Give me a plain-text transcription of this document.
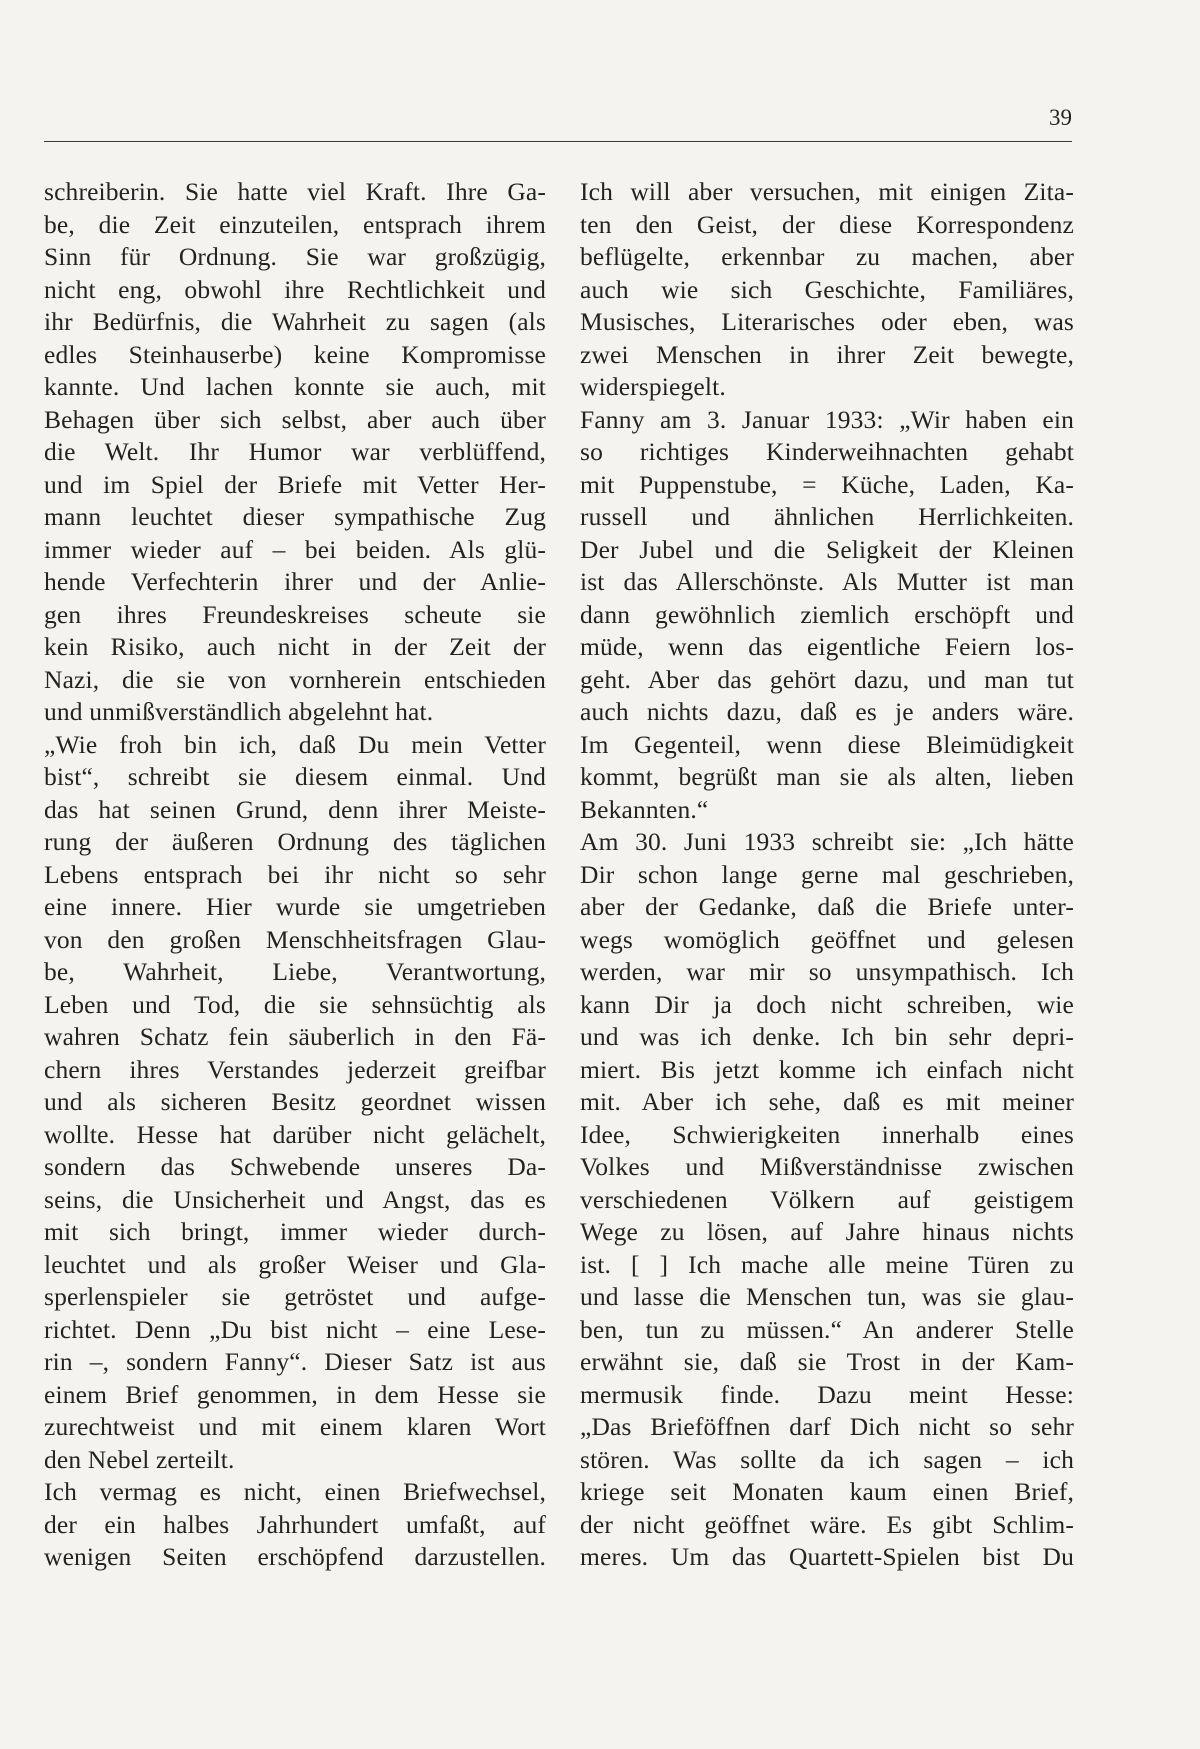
39
schreiberin. Sie hatte viel Kraft. Ihre Ga-
be, die Zeit einzuteilen, entsprach ihrem
Sinn für Ordnung. Sie war großzügig,
nicht eng, obwohl ihre Rechtlichkeit und
ihr Bedürfnis, die Wahrheit zu sagen (als
edles Steinhauserbe) keine Kompromisse
kannte. Und lachen konnte sie auch, mit
Behagen über sich selbst, aber auch über
die Welt. Ihr Humor war verblüffend,
und im Spiel der Briefe mit Vetter Her-
mann leuchtet dieser sympathische Zug
immer wieder auf – bei beiden. Als glü-
hende Verfechterin ihrer und der Anlie-
gen ihres Freundeskreises scheute sie
kein Risiko, auch nicht in der Zeit der
Nazi, die sie von vornherein entschieden
und unmißverständlich abgelehnt hat.
„Wie froh bin ich, daß Du mein Vetter
bist“, schreibt sie diesem einmal. Und
das hat seinen Grund, denn ihrer Meiste-
rung der äußeren Ordnung des täglichen
Lebens entsprach bei ihr nicht so sehr
eine innere. Hier wurde sie umgetrieben
von den großen Menschheitsfragen Glau-
be, Wahrheit, Liebe, Verantwortung,
Leben und Tod, die sie sehnsüchtig als
wahren Schatz fein säuberlich in den Fä-
chern ihres Verstandes jederzeit greifbar
und als sicheren Besitz geordnet wissen
wollte. Hesse hat darüber nicht gelächelt,
sondern das Schwebende unseres Da-
seins, die Unsicherheit und Angst, das es
mit sich bringt, immer wieder durch-
leuchtet und als großer Weiser und Gla-
sperlenspieler sie getröstet und aufge-
richtet. Denn „Du bist nicht – eine Lese-
rin –, sondern Fanny“. Dieser Satz ist aus
einem Brief genommen, in dem Hesse sie
zurechtweist und mit einem klaren Wort
den Nebel zerteilt.
Ich vermag es nicht, einen Briefwechsel,
der ein halbes Jahrhundert umfaßt, auf
wenigen Seiten erschöpfend darzustellen.
Ich will aber versuchen, mit einigen Zita-
ten den Geist, der diese Korrespondenz
beflügelte, erkennbar zu machen, aber
auch wie sich Geschichte, Familiäres,
Musisches, Literarisches oder eben, was
zwei Menschen in ihrer Zeit bewegte,
widerspiegelt.
Fanny am 3. Januar 1933: „Wir haben ein
so richtiges Kinderweihnachten gehabt
mit Puppenstube, = Küche, Laden, Ka-
russell und ähnlichen Herrlichkeiten.
Der Jubel und die Seligkeit der Kleinen
ist das Allerschönste. Als Mutter ist man
dann gewöhnlich ziemlich erschöpft und
müde, wenn das eigentliche Feiern los-
geht. Aber das gehört dazu, und man tut
auch nichts dazu, daß es je anders wäre.
Im Gegenteil, wenn diese Bleimüdigkeit
kommt, begrüßt man sie als alten, lieben
Bekannten.“
Am 30. Juni 1933 schreibt sie: „Ich hätte
Dir schon lange gerne mal geschrieben,
aber der Gedanke, daß die Briefe unter-
wegs womöglich geöffnet und gelesen
werden, war mir so unsympathisch. Ich
kann Dir ja doch nicht schreiben, wie
und was ich denke. Ich bin sehr depri-
miert. Bis jetzt komme ich einfach nicht
mit. Aber ich sehe, daß es mit meiner
Idee, Schwierigkeiten innerhalb eines
Volkes und Mißverständnisse zwischen
verschiedenen Völkern auf geistigem
Wege zu lösen, auf Jahre hinaus nichts
ist. [ ] Ich mache alle meine Türen zu
und lasse die Menschen tun, was sie glau-
ben, tun zu müssen.“ An anderer Stelle
erwähnt sie, daß sie Trost in der Kam-
mermusik finde. Dazu meint Hesse:
„Das Brieföffnen darf Dich nicht so sehr
stören. Was sollte da ich sagen – ich
kriege seit Monaten kaum einen Brief,
der nicht geöffnet wäre. Es gibt Schlim-
meres. Um das Quartett-Spielen bist Du
